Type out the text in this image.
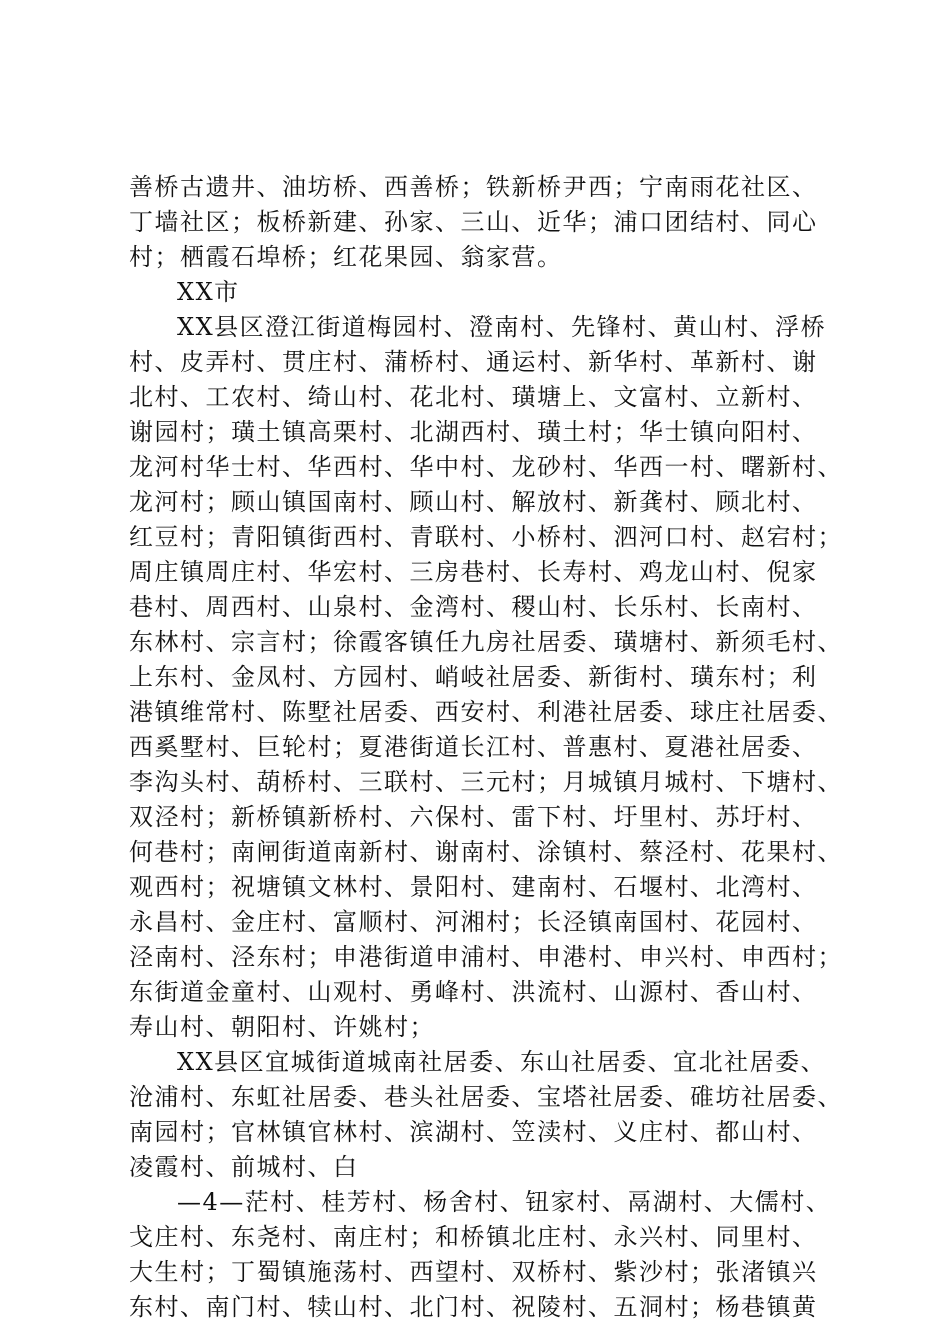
善桥古遗井、油坊桥、西善桥；铁新桥尹西；宁南雨花社区、
丁墙社区；板桥新建、孙家、三山、近华；浦口团结村、同心
村；栖霞石埠桥；红花果园、翁家营。
XX市
XX县区澄江街道梅园村、澄南村、先锋村、黄山村、浮桥
村、皮弄村、贯庄村、蒲桥村、通运村、新华村、革新村、谢
北村、工农村、绮山村、花北村、璜塘上、文富村、立新村、
谢园村；璜土镇高栗村、北湖西村、璜土村；华士镇向阳村、
龙河村华士村、华西村、华中村、龙砂村、华西一村、曙新村、
龙河村；顾山镇国南村、顾山村、解放村、新龚村、顾北村、
红豆村；青阳镇街西村、青联村、小桥村、泗河口村、赵宕村；
周庄镇周庄村、华宏村、三房巷村、长寿村、鸡龙山村、倪家
巷村、周西村、山泉村、金湾村、稷山村、长乐村、长南村、
东林村、宗言村；徐霞客镇任九房社居委、璜塘村、新须毛村、
上东村、金凤村、方园村、峭岐社居委、新街村、璜东村；利
港镇维常村、陈墅社居委、西安村、利港社居委、球庄社居委、
西奚墅村、巨轮村；夏港街道长江村、普惠村、夏港社居委、
李沟头村、葫桥村、三联村、三元村；月城镇月城村、下塘村、
双泾村；新桥镇新桥村、六保村、雷下村、圩里村、苏圩村、
何巷村；南闸街道南新村、谢南村、涂镇村、蔡泾村、花果村、
观西村；祝塘镇文林村、景阳村、建南村、石堰村、北湾村、
永昌村、金庄村、富顺村、河湘村；长泾镇南国村、花园村、
泾南村、泾东村；申港街道申浦村、申港村、申兴村、申西村；
东街道金童村、山观村、勇峰村、洪流村、山源村、香山村、
寿山村、朝阳村、许姚村；
XX县区宜城街道城南社居委、东山社居委、宜北社居委、
沧浦村、东虹社居委、巷头社居委、宝塔社居委、碓坊社居委、
南园村；官林镇官林村、滨湖村、笠渎村、义庄村、都山村、
凌霞村、前城村、白
—4—茫村、桂芳村、杨舍村、钮家村、鬲湖村、大儒村、
戈庄村、东尧村、南庄村；和桥镇北庄村、永兴村、同里村、
大生村；丁蜀镇施荡村、西望村、双桥村、紫沙村；张渚镇兴
东村、南门村、犊山村、北门村、祝陵村、五洞村；杨巷镇黄
